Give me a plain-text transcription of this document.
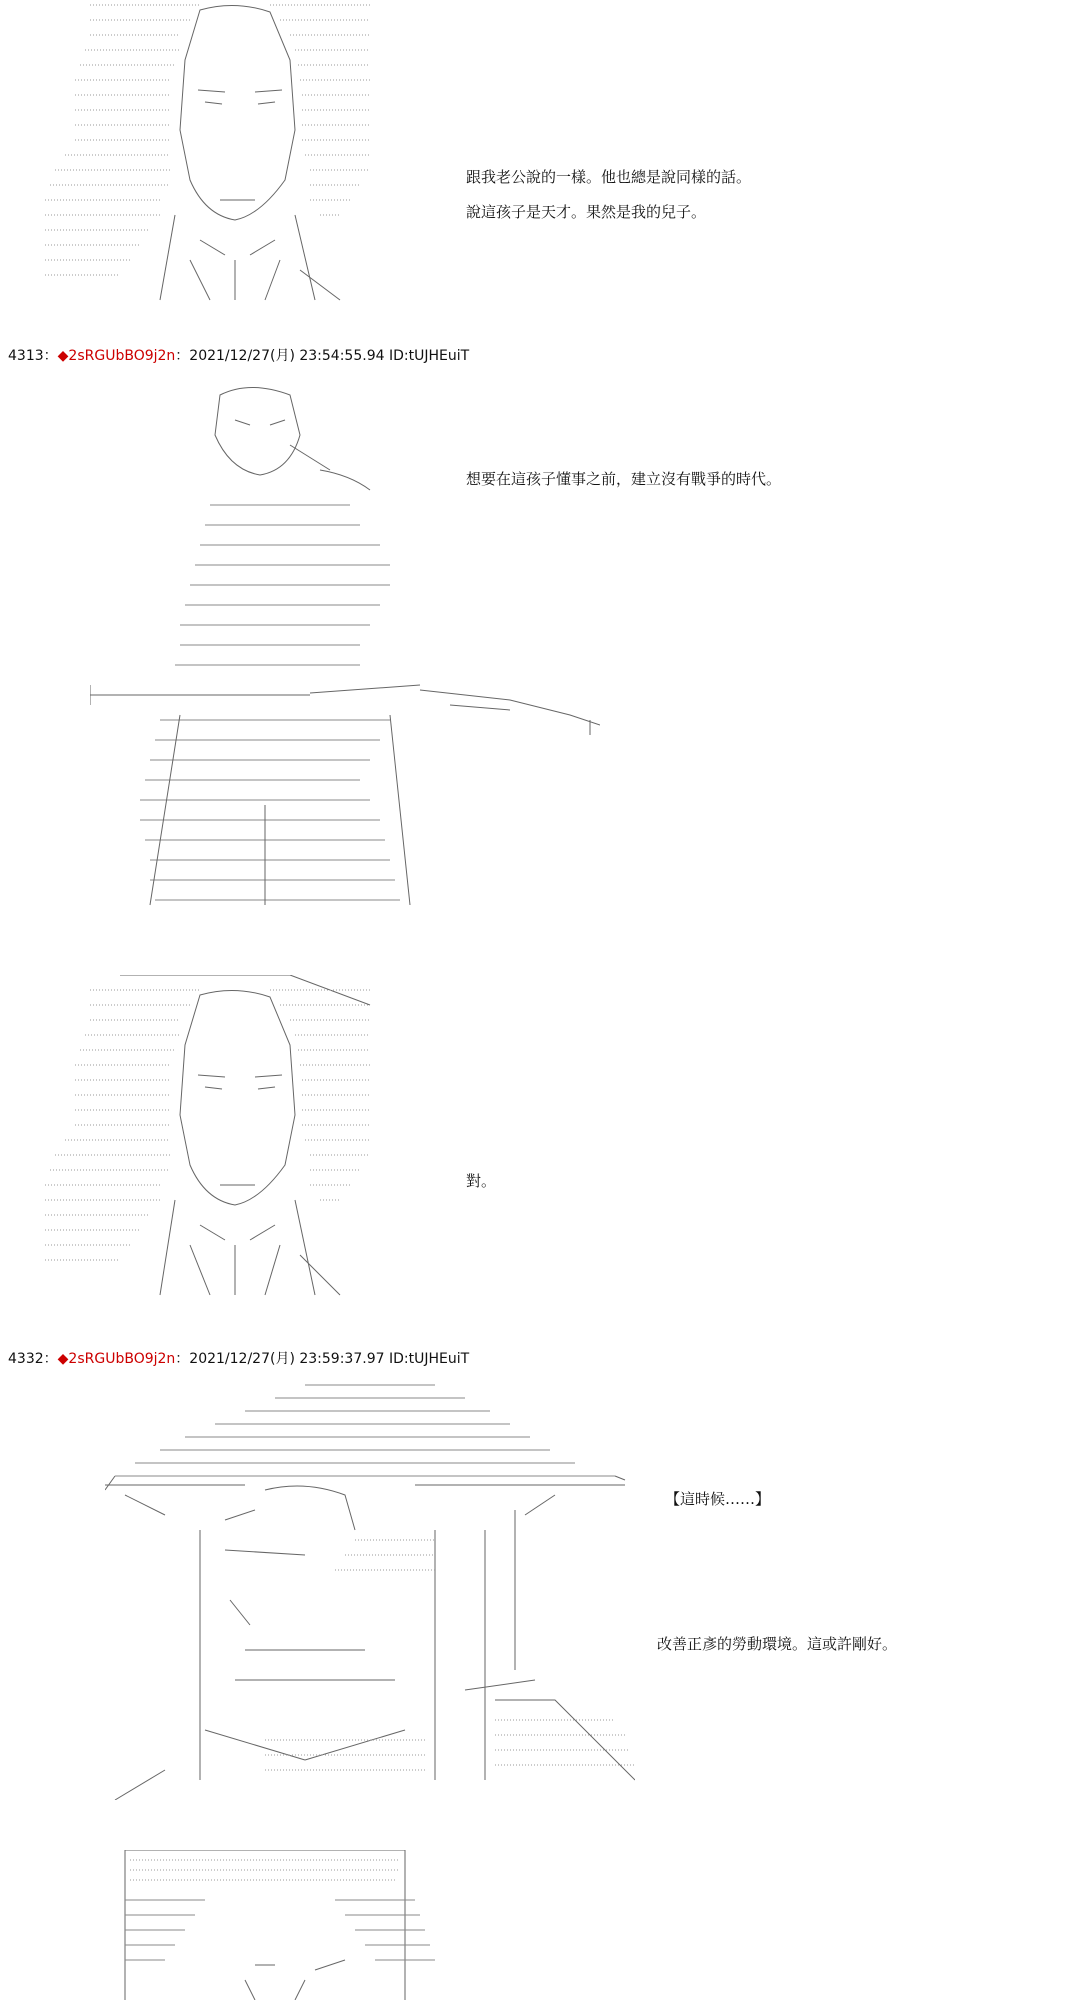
跟我老公說的一樣。他也總是說同樣的話。
說這孩子是天才。果然是我的兒子。
4313：◆2sRGUbBO9j2n：2021/12/27(月) 23:54:55.94 ID:tUJHEuiT
想要在這孩子懂事之前，建立沒有戰爭的時代。
對。
4332：◆2sRGUbBO9j2n：2021/12/27(月) 23:59:37.97 ID:tUJHEuiT
【這時候……】
改善正彥的勞動環境。這或許剛好。
